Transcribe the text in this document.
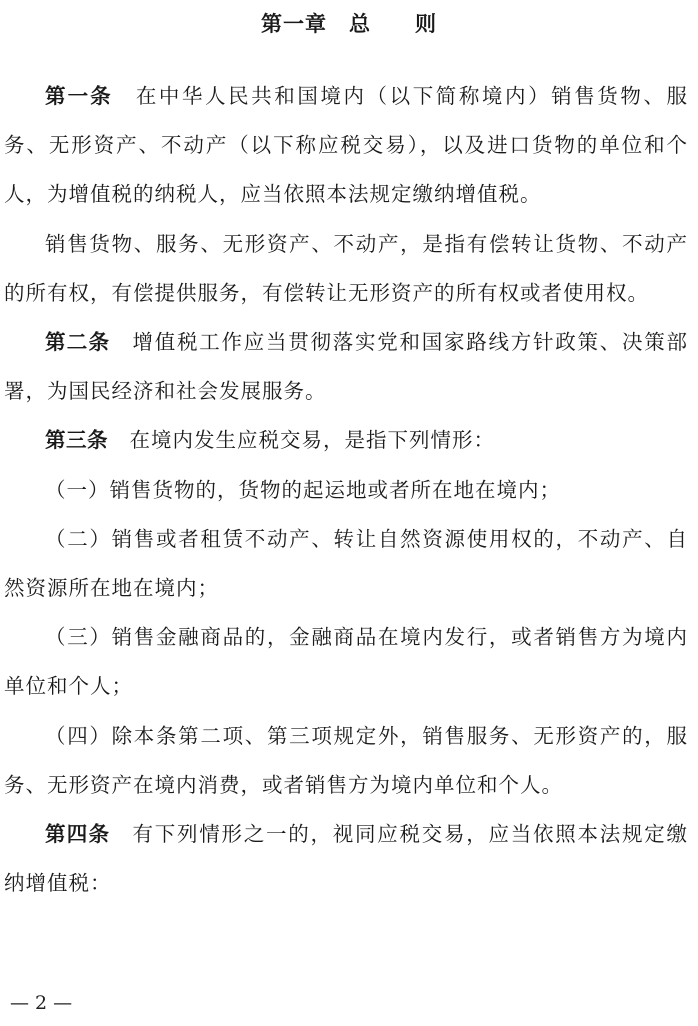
第一章　总　　则

第一条 在中华人民共和国境内（以下简称境内）销售货物、服务、无形资产、不动产（以下称应税交易），以及进口货物的单位和个人，为增值税的纳税人，应当依照本法规定缴纳增值税。

销售货物、服务、无形资产、不动产，是指有偿转让货物、不动产的所有权，有偿提供服务，有偿转让无形资产的所有权或者使用权。

第二条 增值税工作应当贯彻落实党和国家路线方针政策、决策部署，为国民经济和社会发展服务。

第三条 在境内发生应税交易，是指下列情形：

（一）销售货物的，货物的起运地或者所在地在境内；

（二）销售或者租赁不动产、转让自然资源使用权的，不动产、自然资源所在地在境内；

（三）销售金融商品的，金融商品在境内发行，或者销售方为境内单位和个人；

（四）除本条第二项、第三项规定外，销售服务、无形资产的，服务、无形资产在境内消费，或者销售方为境内单位和个人。

第四条 有下列情形之一的，视同应税交易，应当依照本法规定缴纳增值税：

— 2 —
